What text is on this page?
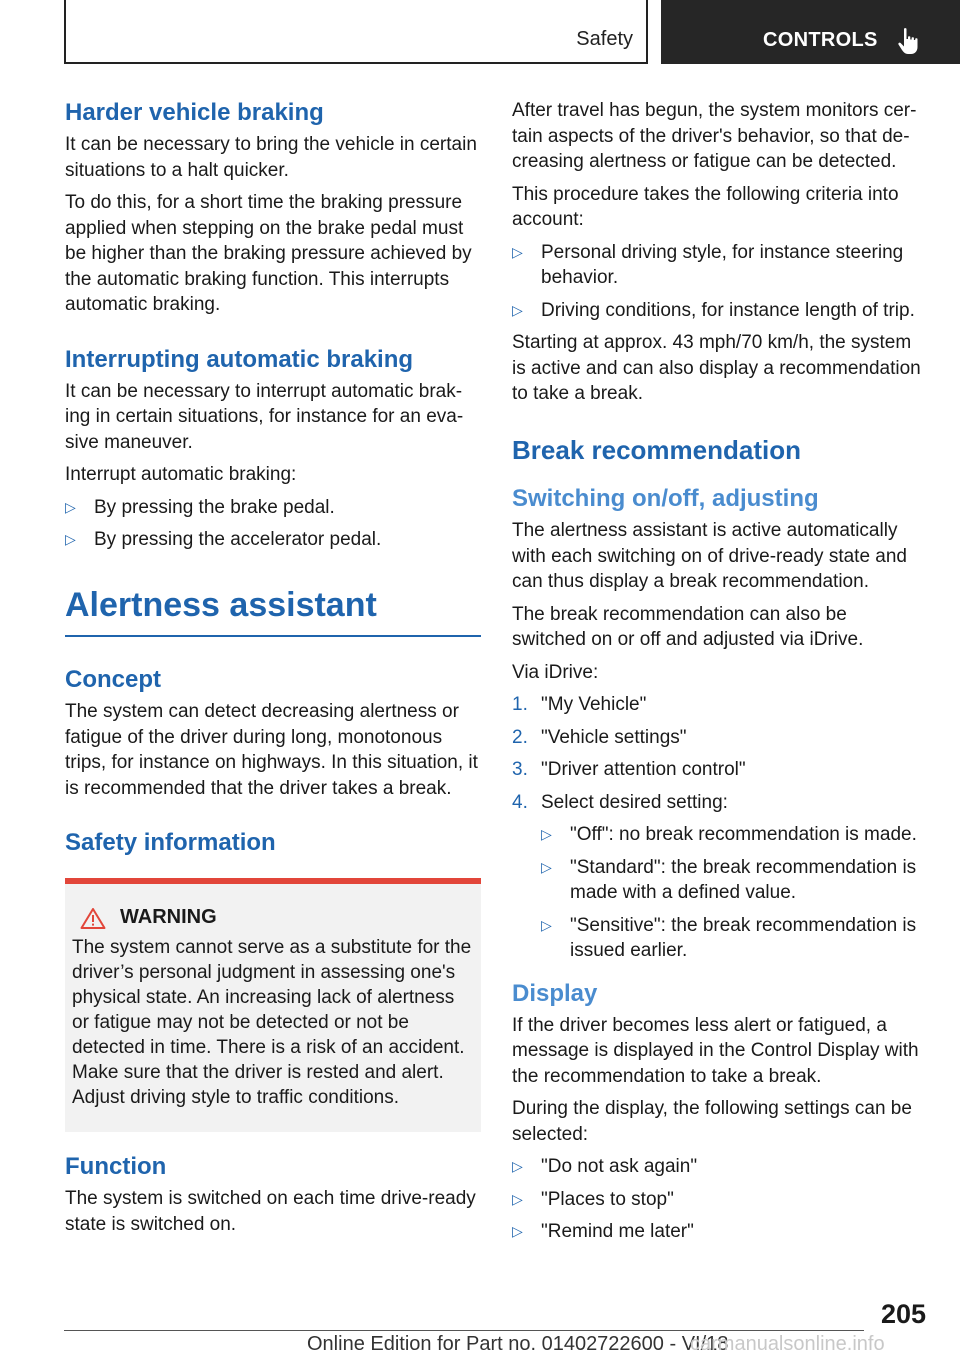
Safety	CONTROLS
Harder vehicle braking

It can be necessary to bring the vehicle in certain situations to a halt quicker.

To do this, for a short time the braking pressure applied when stepping on the brake pedal must be higher than the braking pressure achieved by the automatic braking function. This interrupts automatic braking.

Interrupting automatic braking

It can be necessary to interrupt automatic brak‐ing in certain situations, for instance for an eva‐sive maneuver.

Interrupt automatic braking:

▷ By pressing the brake pedal.
▷ By pressing the accelerator pedal.
Alertness assistant
Concept

The system can detect decreasing alertness or fatigue of the driver during long, monotonous trips, for instance on highways. In this situation, it is recommended that the driver takes a break.

Safety information
WARNING

The system cannot serve as a substitute for the driver’s personal judgment in assessing one's physical state. An increasing lack of alertness or fatigue may not be detected or not be detected in time. There is a risk of an accident. Make sure that the driver is rested and alert. Adjust driving style to traffic conditions.

Function

The system is switched on each time drive-ready state is switched on.

After travel has begun, the system monitors cer‐tain aspects of the driver's behavior, so that de‐creasing alertness or fatigue can be detected.

This procedure takes the following criteria into account:

▷ Personal driving style, for instance steering behavior.
▷ Driving conditions, for instance length of trip.

Starting at approx. 43 mph/70 km/h, the system is active and can also display a recommendation to take a break.

Break recommendation
Switching on/off, adjusting

The alertness assistant is active automatically with each switching on of drive-ready state and can thus display a break recommendation.

The break recommendation can also be switched on or off and adjusted via iDrive.

Via iDrive:

1. "My Vehicle"
2. "Vehicle settings"
3. "Driver attention control"
4. Select desired setting:
▷ "Off": no break recommendation is made.
▷ "Standard": the break recommendation is made with a defined value.
▷ "Sensitive": the break recommendation is issued earlier.
Display

If the driver becomes less alert or fatigued, a message is displayed in the Control Display with the recommendation to take a break.

During the display, the following settings can be selected:

▷ "Do not ask again"
▷ "Places to stop"
▷ "Remind me later"
205
Online Edition for Part no. 01402722600 - VI/18
carmanualsonline.info
